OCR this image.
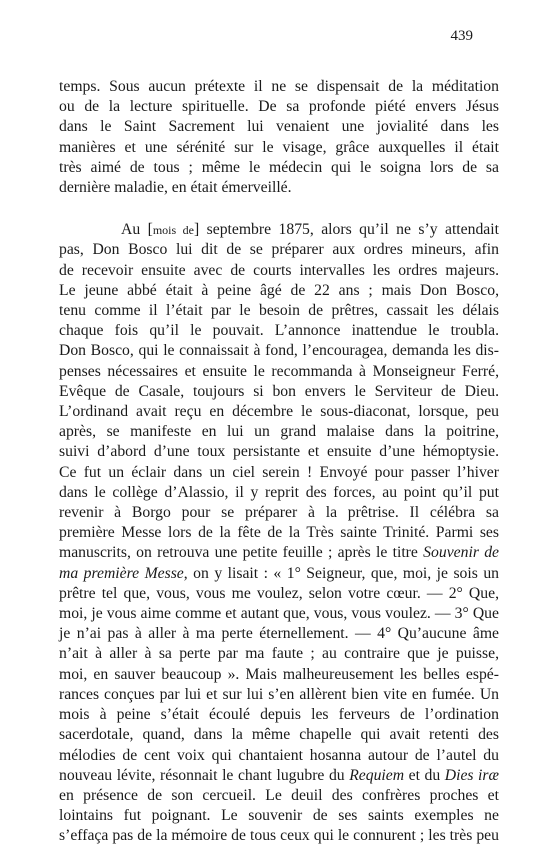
439
temps. Sous aucun prétexte il ne se dispensait de la méditation
ou de la lecture spirituelle. De sa profonde piété envers Jésus
dans le Saint Sacrement lui venaient une jovialité dans les
manières et une sérénité sur le visage, grâce auxquelles il était
très aimé de tous ; même le médecin qui le soigna lors de sa
dernière maladie, en était émerveillé.
Au [mois de] septembre 1875, alors qu’il ne s’y attendait
pas, Don Bosco lui dit de se préparer aux ordres mineurs, afin
de recevoir ensuite avec de courts intervalles les ordres majeurs.
Le jeune abbé était à peine âgé de 22 ans ; mais Don Bosco,
tenu comme il l’était par le besoin de prêtres, cassait les délais
chaque fois qu’il le pouvait. L’annonce inattendue le troubla.
Don Bosco, qui le connaissait à fond, l’encouragea, demanda les dis-
penses nécessaires et ensuite le recommanda à Monseigneur Ferré,
Evêque de Casale, toujours si bon envers le Serviteur de Dieu.
L’ordinand avait reçu en décembre le sous-diaconat, lorsque, peu
après, se manifeste en lui un grand malaise dans la poitrine,
suivi d’abord d’une toux persistante et ensuite d’une hémoptysie.
Ce fut un éclair dans un ciel serein ! Envoyé pour passer l’hiver
dans le collège d’Alassio, il y reprit des forces, au point qu’il put
revenir à Borgo pour se préparer à la prêtrise. Il célébra sa
première Messe lors de la fête de la Très sainte Trinité. Parmi ses
manuscrits, on retrouva une petite feuille ; après le titre Souvenir de
ma première Messe, on y lisait : « 1° Seigneur, que, moi, je sois un
prêtre tel que, vous, vous me voulez, selon votre cœur. — 2° Que,
moi, je vous aime comme et autant que, vous, vous voulez. — 3° Que
je n’ai pas à aller à ma perte éternellement. — 4° Qu’aucune âme
n’ait à aller à sa perte par ma faute ; au contraire que je puisse,
moi, en sauver beaucoup ». Mais malheureusement les belles espé-
rances conçues par lui et sur lui s’en allèrent bien vite en fumée. Un
mois à peine s’était écoulé depuis les ferveurs de l’ordination
sacerdotale, quand, dans la même chapelle qui avait retenti des
mélodies de cent voix qui chantaient hosanna autour de l’autel du
nouveau lévite, résonnait le chant lugubre du Requiem et du Dies iræ
en présence de son cercueil. Le deuil des confrères proches et
lointains fut poignant. Le souvenir de ses saints exemples ne
s’effaça pas de la mémoire de tous ceux qui le connurent ; les très peu
